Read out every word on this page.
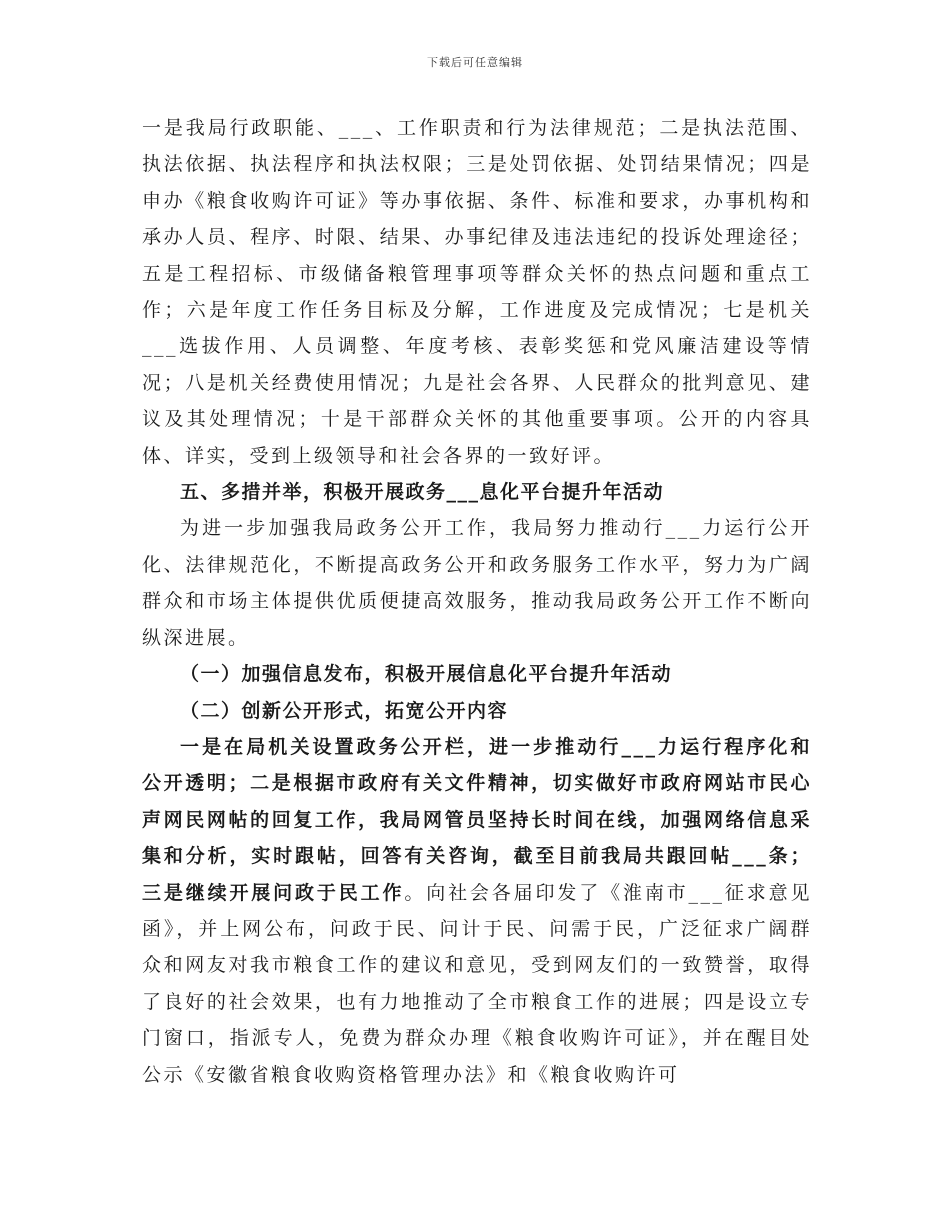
下载后可任意编辑

一是我局行政职能、___、工作职责和行为法律规范；二是执法范围、执法依据、执法程序和执法权限；三是处罚依据、处罚结果情况；四是申办《粮食收购许可证》等办事依据、条件、标准和要求，办事机构和承办人员、程序、时限、结果、办事纪律及违法违纪的投诉处理途径；五是工程招标、市级储备粮管理事项等群众关怀的热点问题和重点工作；六是年度工作任务目标及分解，工作进度及完成情况；七是机关___选拔作用、人员调整、年度考核、表彰奖惩和党风廉洁建设等情况；八是机关经费使用情况；九是社会各界、人民群众的批判意见、建议及其处理情况；十是干部群众关怀的其他重要事项。公开的内容具体、详实，受到上级领导和社会各界的一致好评。

五、多措并举，积极开展政务___息化平台提升年活动

为进一步加强我局政务公开工作，我局努力推动行___力运行公开化、法律规范化，不断提高政务公开和政务服务工作水平，努力为广阔群众和市场主体提供优质便捷高效服务，推动我局政务公开工作不断向纵深进展。

（一）加强信息发布，积极开展信息化平台提升年活动

（二）创新公开形式，拓宽公开内容

一是在局机关设置政务公开栏，进一步推动行___力运行程序化和公开透明；二是根据市政府有关文件精神，切实做好市政府网站市民心声网民网帖的回复工作，我局网管员坚持长时间在线，加强网络信息采集和分析，实时跟帖，回答有关咨询，截至目前我局共跟回帖___条；三是继续开展问政于民工作。向社会各届印发了《淮南市___征求意见函》，并上网公布，问政于民、问计于民、问需于民，广泛征求广阔群众和网友对我市粮食工作的建议和意见，受到网友们的一致赞誉，取得了良好的社会效果，也有力地推动了全市粮食工作的进展；四是设立专门窗口，指派专人，免费为群众办理《粮食收购许可证》，并在醒目处公示《安徽省粮食收购资格管理办法》和《粮食收购许可
